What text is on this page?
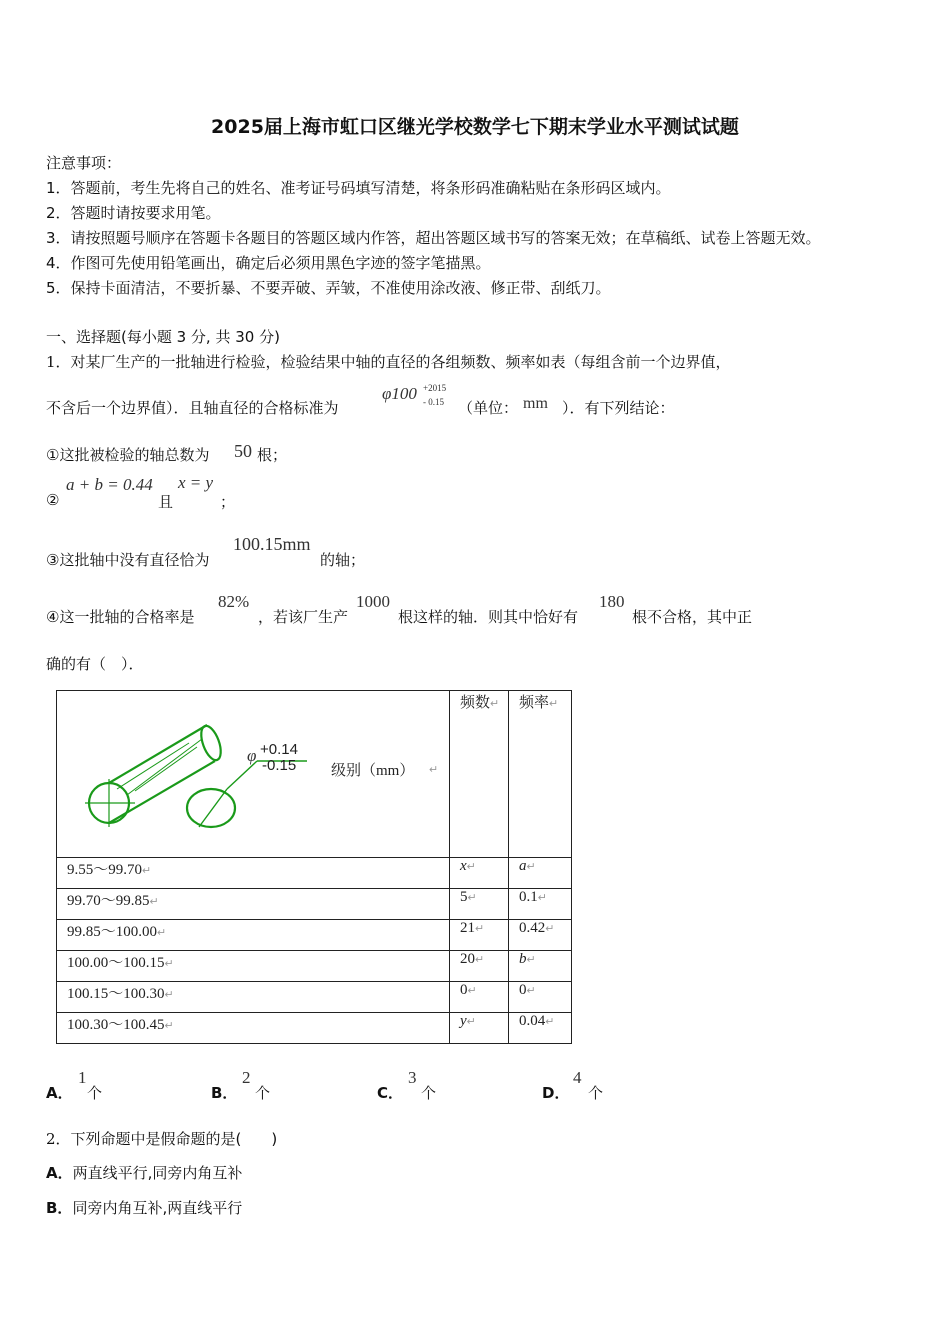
2025届上海市虹口区继光学校数学七下期末学业水平测试试题
注意事项：
1．答题前，考生先将自己的姓名、准考证号码填写清楚，将条形码准确粘贴在条形码区域内。
2．答题时请按要求用笔。
3．请按照题号顺序在答题卡各题目的答题区域内作答，超出答题区域书写的答案无效；在草稿纸、试卷上答题无效。
4．作图可先使用铅笔画出，确定后必须用黑色字迹的签字笔描黑。
5．保持卡面清洁，不要折暴、不要弄破、弄皱，不准使用涂改液、修正带、刮纸刀。
一、选择题(每小题 3 分, 共 30 分)
1．对某厂生产的一批轴进行检验，检验结果中轴的直径的各组频数、频率如表（每组含前一个边界值，
不含后一个边界值）．且轴直径的合格标准为
φ100 +2015
- 0.15 （单位： mm ）．有下列结论：
①这批被检验的轴总数为 50 根；
②
a + b = 0.44
且
x = y
；
③这批轴中没有直径恰为
100.15mm
的轴；
④这一批轴的合格率是
82%
，若该厂生产
1000
根这样的轴．则其中恰好有
180
根不合格，其中正
确的有（　）．
φ +0.14
-0.15 级别（mm） ↵	频数↵	频率↵
9.55～99.70↵	x↵	a↵
99.70～99.85↵	5↵	0.1↵
99.85～100.00↵	21↵	0.42↵
100.00～100.15↵	20↵	b↵
100.15～100.30↵	0↵	0↵
100.30～100.45↵	y↵	0.04↵
A．
1
个	B．
2
个	C．
3
个	D．
4
个
2．下列命题中是假命题的是(　　)
A．两直线平行,同旁内角互补
B．同旁内角互补,两直线平行
